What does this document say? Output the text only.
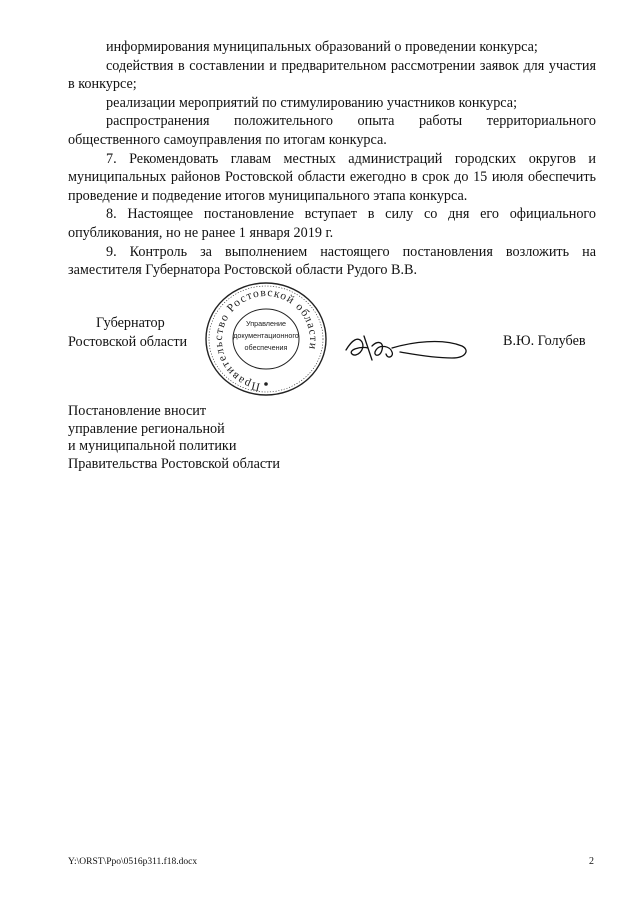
информирования муниципальных образований о проведении конкурса;

содействия в составлении и предварительном рассмотрении заявок для участия в конкурсе;

реализации мероприятий по стимулированию участников конкурса;

распространения положительного опыта работы территориального общественного самоуправления по итогам конкурса.

7. Рекомендовать главам местных администраций городских округов и муниципальных районов Ростовской области ежегодно в срок до 15 июля обеспечить проведение и подведение итогов муниципального этапа конкурса.

8. Настоящее постановление вступает в силу со дня его официального опубликования, но не ранее 1 января 2019 г.

9. Контроль за выполнением настоящего постановления возложить на заместителя Губернатора Ростовской области Рудого В.В.

Губернатор
Ростовской области
Правительство Ростовской области
Управление
документационного
обеспечения	В.Ю. Голубев
Постановление вносит
управление региональной
и муниципальной политики
Правительства Ростовской области
Y:\ORST\Ppo\0516p311.f18.docx	2
